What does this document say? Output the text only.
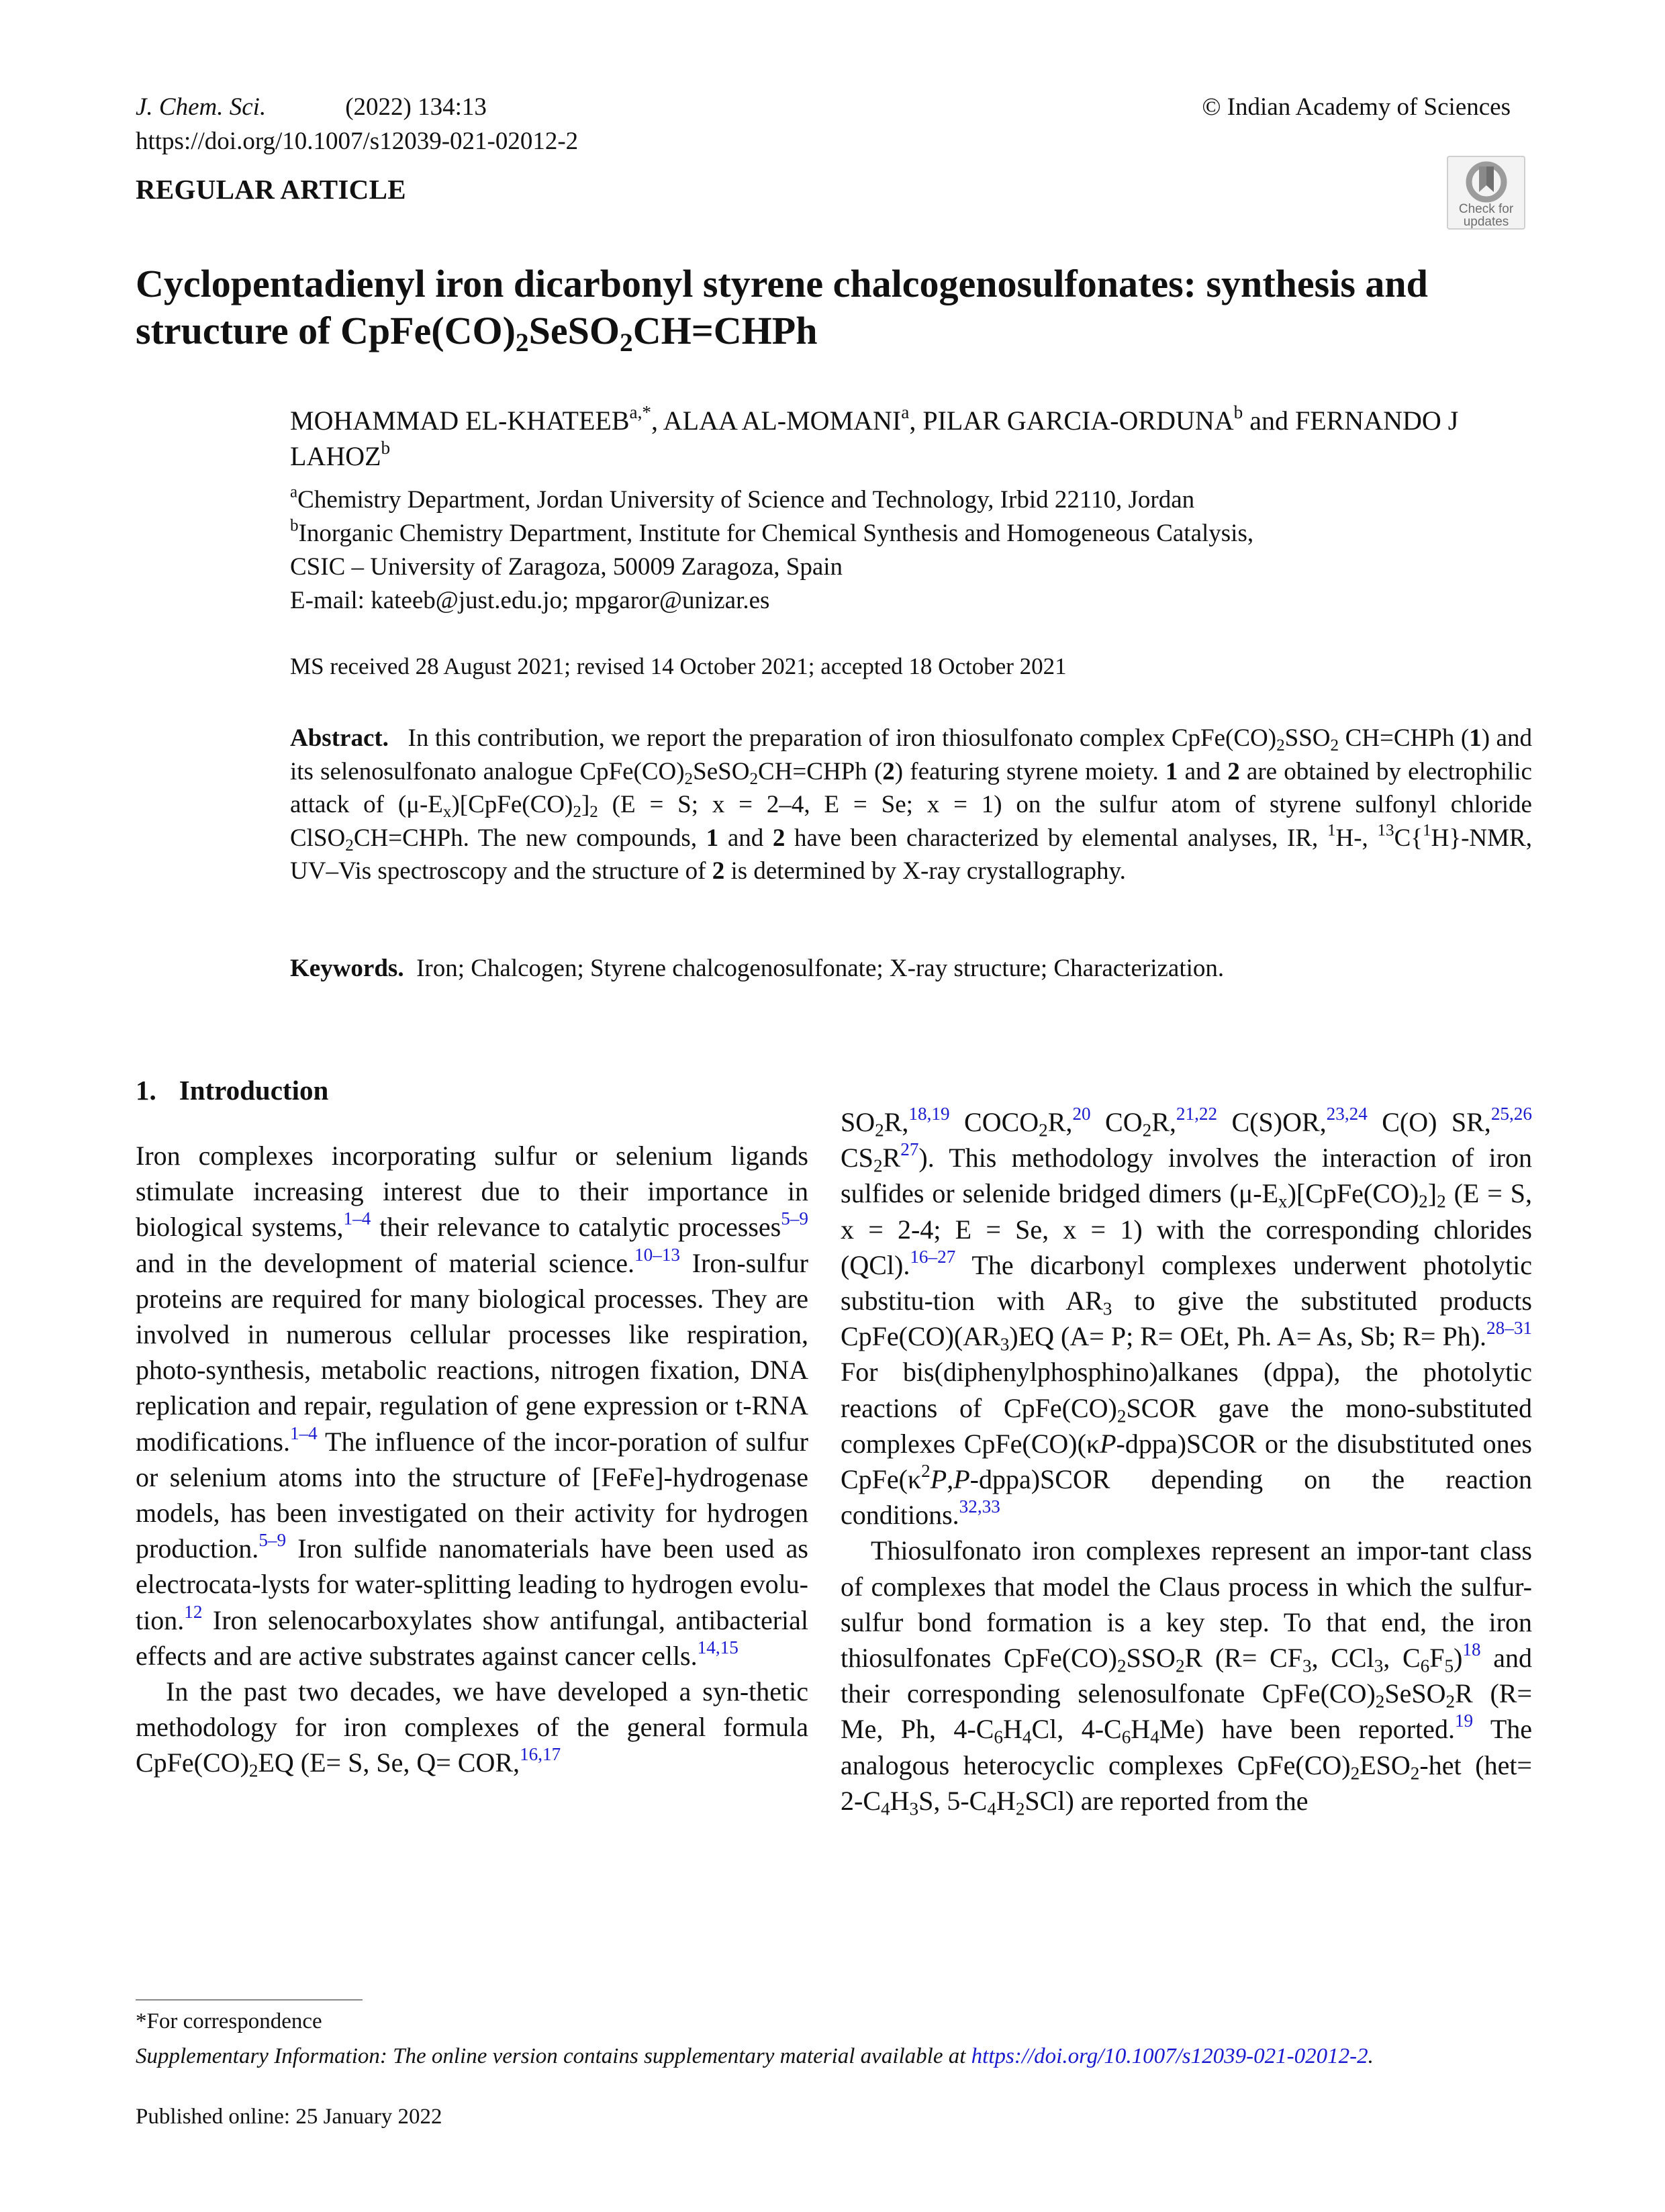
J. Chem. Sci.	(2022) 134:13
https://doi.org/10.1007/s12039-021-02012-2
© Indian Academy of Sciences
REGULAR ARTICLE
Check for
updates
Cyclopentadienyl iron dicarbonyl styrene chalcogenosulfonates: synthesis and structure of $CpFe(CO)_2SeSO_2CH=CHPh$
MOHAMMAD $EL-KHATEEB^{a,*}$, ALAA AL-MOMANI$^a$, PILAR GARCIA-ORDUNA$^b$ and FERNANDO J LAHOZ$^b$
$^a$Chemistry Department, Jordan University of Science and Technology, Irbid 22110, Jordan
$^b$Inorganic Chemistry Department, Institute for Chemical Synthesis and Homogeneous Catalysis,
CSIC – University of Zaragoza, 50009 Zaragoza, Spain
E-mail: kateeb@just.edu.jo; mpgaror@unizar.es
MS received 28 August 2021; revised 14 October 2021; accepted 18 October 2021
Abstract. In this contribution, we report the preparation of iron thiosulfonato complex $CpFe(CO)_2SSO_2$ CH=CHPh (1) and its selenosulfonato analogue $CpFe(CO)_2SeSO_2CH=CHPh$ (2) featuring styrene moiety. 1 and 2 are obtained by electrophilic attack of $(\mu-E_x)[CpFe(CO)_2]_2$ (E = S; x = 2–4, E = Se; x = 1) on the sulfur atom of styrene sulfonyl chloride ClSO$_2$CH=CHPh. The new compounds, 1 and 2 have been characterized by elemental analyses, IR, $^1$H-, $^{13}$C{$^1$H}-NMR, UV–Vis spectroscopy and the structure of 2 is determined by X-ray crystallography.
Keywords. Iron; Chalcogen; Styrene chalcogenosulfonate; X-ray structure; Characterization.
1. Introduction

Iron complexes incorporating sulfur or selenium ligands stimulate increasing interest due to their importance in biological systems,$^{1-4}$ their relevance to catalytic processes$^{5-9}$ and in the development of material science.$^{10-13}$ Iron-sulfur proteins are required for many biological processes. They are involved in numerous cellular processes like respiration, photo-synthesis, metabolic reactions, nitrogen fixation, DNA replication and repair, regulation of gene expression or t-RNA modifications.$^{1-4}$ The influence of the incor-poration of sulfur or selenium atoms into the structure of [FeFe]-hydrogenase models, has been investigated on their activity for hydrogen production.$^{5-9}$ Iron sulfide nanomaterials have been used as electrocata-lysts for water-splitting leading to hydrogen evolu-tion.$^{12}$ Iron selenocarboxylates show antifungal, antibacterial effects and are active substrates against cancer cells.$^{14,15}$

In the past two decades, we have developed a syn-thetic methodology for iron complexes of the general formula $CpFe(CO)_2EQ$ (E= S, Se, Q= COR,$^{16,17}$

$SO_2R,^{18,19}$ $COCO_2R,^{20}$ $CO_2R,^{21,22}$ C(S)OR,$^{23,24}$ C(O) SR,$^{25,26}$ $CS_2R^{27}$). This methodology involves the interaction of iron sulfides or selenide bridged dimers $(\mu-E_x)[CpFe(CO)_2]_2$ (E = S, x = 2-4; E = Se, x = 1) with the corresponding chlorides (QCl).$^{16-27}$ The dicarbonyl complexes underwent photolytic substitu-tion with $AR_3$ to give the substituted products $CpFe(CO)(AR_3)EQ$ (A= P; R= OEt, Ph. A= As, Sb; R= Ph).$^{28-31}$ For bis(diphenylphosphino)alkanes (dppa), the photolytic reactions of $CpFe(CO)_2SCOR$ gave the mono-substituted complexes CpFe(CO)(κP-dppa)SCOR or the disubstituted ones $CpFe(\kappa^2P,P-dppa)SCOR$ depending on the reaction conditions.$^{32,33}$

Thiosulfonato iron complexes represent an impor-tant class of complexes that model the Claus process in which the sulfur-sulfur bond formation is a key step. To that end, the iron thiosulfonates $CpFe(CO)_2SSO_2R$ ($R= CF_3$, CCl$_3$, $C_6F_5)^{18}$ and their corresponding selenosulfonate $CpFe(CO)_2SeSO_2R$ (R= Me, Ph, $4-C_6H_4Cl$, $4-C_6H_4Me$) have been reported.$^{19}$ The analogous heterocyclic complexes $CpFe(CO)_2ESO_2$-het ($het= 2-C_4H_3S$, $5-C_4H_2SCl$) are reported from the

*For correspondence
Supplementary Information: The online version contains supplementary material available at https://doi.org/10.1007/s12039-021-02012-2.
Published online: 25 January 2022
